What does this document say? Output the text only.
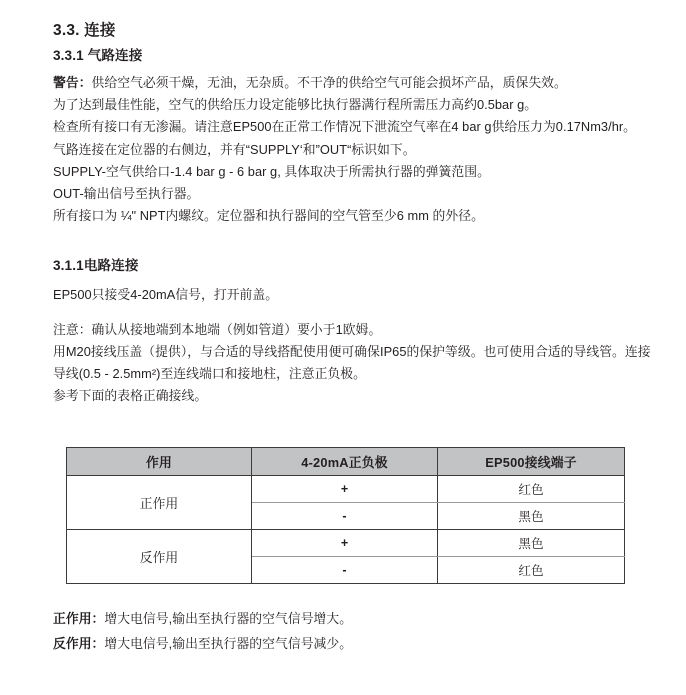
3.3. 连接
3.3.1 气路连接

警告：供给空气必须干燥，无油，无杂质。不干净的供给空气可能会损坏产品，质保失效。

为了达到最佳性能，空气的供给压力设定能够比执行器满行程所需压力高约0.5bar g。

检查所有接口有无渗漏。请注意EP500在正常工作情况下泄流空气率在4 bar g供给压力为0.17Nm3/hr。

气路连接在定位器的右侧边，并有“SUPPLY‘和”OUT“标识如下。

SUPPLY-空气供给口-1.4 bar g - 6 bar g, 具体取决于所需执行器的弹簧范围。

OUT-输出信号至执行器。

所有接口为 ¼" NPT内螺纹。定位器和执行器间的空气管至少6 mm 的外径。

3.1.1电路连接

EP500只接受4-20mA信号，打开前盖。

注意：确认从接地端到本地端（例如管道）要小于1欧姆。

用M20接线压盖（提供），与合适的导线搭配使用便可确保IP65的保护等级。也可使用合适的导线管。连接导线(0.5 - 2.5mm²)至连线端口和接地柱，注意正负极。

参考下面的表格正确接线。

作用	4-20mA正负极	EP500接线端子
正作用	+	红色
	-	黑色
反作用	+	黑色
	-	红色

正作用：增大电信号,输出至执行器的空气信号增大。

反作用：增大电信号,输出至执行器的空气信号减少。
